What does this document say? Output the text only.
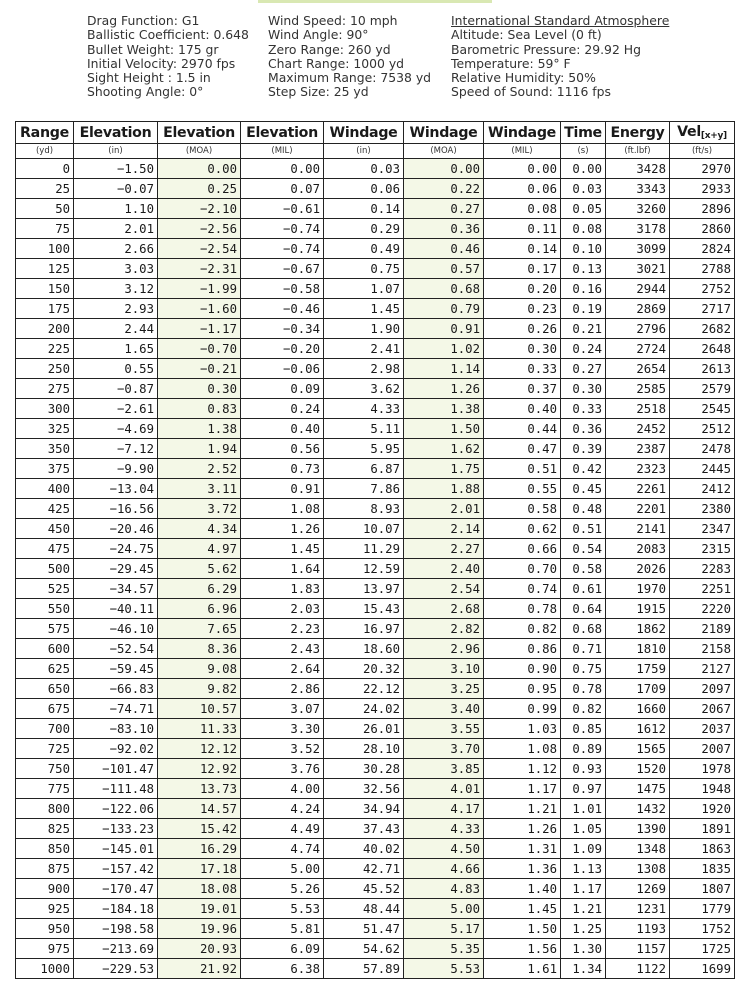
Drag Function: G1
Ballistic Coefficient: 0.648
Bullet Weight: 175 gr
Initial Velocity: 2970 fps
Sight Height : 1.5 in
Shooting Angle: 0°
Wind Speed: 10 mph
Wind Angle: 90°
Zero Range: 260 yd
Chart Range: 1000 yd
Maximum Range: 7538 yd
Step Size: 25 yd
International Standard Atmosphere
Altitude: Sea Level (0 ft)
Barometric Pressure: 29.92 Hg
Temperature: 59° F
Relative Humidity: 50%
Speed of Sound: 1116 fps
Range	Elevation	Elevation	Elevation	Windage	Windage	Windage	Time	Energy	Vel$_{[x+y]}$
(yd)	(in)	(MOA)	(MIL)	(in)	(MOA)	(MIL)	(s)	(ft.lbf)	(ft/s)
0	−1.50	0.00	0.00	0.03	0.00	0.00	0.00	3428	2970
25	−0.07	0.25	0.07	0.06	0.22	0.06	0.03	3343	2933
50	1.10	−2.10	−0.61	0.14	0.27	0.08	0.05	3260	2896
75	2.01	−2.56	−0.74	0.29	0.36	0.11	0.08	3178	2860
100	2.66	−2.54	−0.74	0.49	0.46	0.14	0.10	3099	2824
125	3.03	−2.31	−0.67	0.75	0.57	0.17	0.13	3021	2788
150	3.12	−1.99	−0.58	1.07	0.68	0.20	0.16	2944	2752
175	2.93	−1.60	−0.46	1.45	0.79	0.23	0.19	2869	2717
200	2.44	−1.17	−0.34	1.90	0.91	0.26	0.21	2796	2682
225	1.65	−0.70	−0.20	2.41	1.02	0.30	0.24	2724	2648
250	0.55	−0.21	−0.06	2.98	1.14	0.33	0.27	2654	2613
275	−0.87	0.30	0.09	3.62	1.26	0.37	0.30	2585	2579
300	−2.61	0.83	0.24	4.33	1.38	0.40	0.33	2518	2545
325	−4.69	1.38	0.40	5.11	1.50	0.44	0.36	2452	2512
350	−7.12	1.94	0.56	5.95	1.62	0.47	0.39	2387	2478
375	−9.90	2.52	0.73	6.87	1.75	0.51	0.42	2323	2445
400	−13.04	3.11	0.91	7.86	1.88	0.55	0.45	2261	2412
425	−16.56	3.72	1.08	8.93	2.01	0.58	0.48	2201	2380
450	−20.46	4.34	1.26	10.07	2.14	0.62	0.51	2141	2347
475	−24.75	4.97	1.45	11.29	2.27	0.66	0.54	2083	2315
500	−29.45	5.62	1.64	12.59	2.40	0.70	0.58	2026	2283
525	−34.57	6.29	1.83	13.97	2.54	0.74	0.61	1970	2251
550	−40.11	6.96	2.03	15.43	2.68	0.78	0.64	1915	2220
575	−46.10	7.65	2.23	16.97	2.82	0.82	0.68	1862	2189
600	−52.54	8.36	2.43	18.60	2.96	0.86	0.71	1810	2158
625	−59.45	9.08	2.64	20.32	3.10	0.90	0.75	1759	2127
650	−66.83	9.82	2.86	22.12	3.25	0.95	0.78	1709	2097
675	−74.71	10.57	3.07	24.02	3.40	0.99	0.82	1660	2067
700	−83.10	11.33	3.30	26.01	3.55	1.03	0.85	1612	2037
725	−92.02	12.12	3.52	28.10	3.70	1.08	0.89	1565	2007
750	−101.47	12.92	3.76	30.28	3.85	1.12	0.93	1520	1978
775	−111.48	13.73	4.00	32.56	4.01	1.17	0.97	1475	1948
800	−122.06	14.57	4.24	34.94	4.17	1.21	1.01	1432	1920
825	−133.23	15.42	4.49	37.43	4.33	1.26	1.05	1390	1891
850	−145.01	16.29	4.74	40.02	4.50	1.31	1.09	1348	1863
875	−157.42	17.18	5.00	42.71	4.66	1.36	1.13	1308	1835
900	−170.47	18.08	5.26	45.52	4.83	1.40	1.17	1269	1807
925	−184.18	19.01	5.53	48.44	5.00	1.45	1.21	1231	1779
950	−198.58	19.96	5.81	51.47	5.17	1.50	1.25	1193	1752
975	−213.69	20.93	6.09	54.62	5.35	1.56	1.30	1157	1725
1000	−229.53	21.92	6.38	57.89	5.53	1.61	1.34	1122	1699
